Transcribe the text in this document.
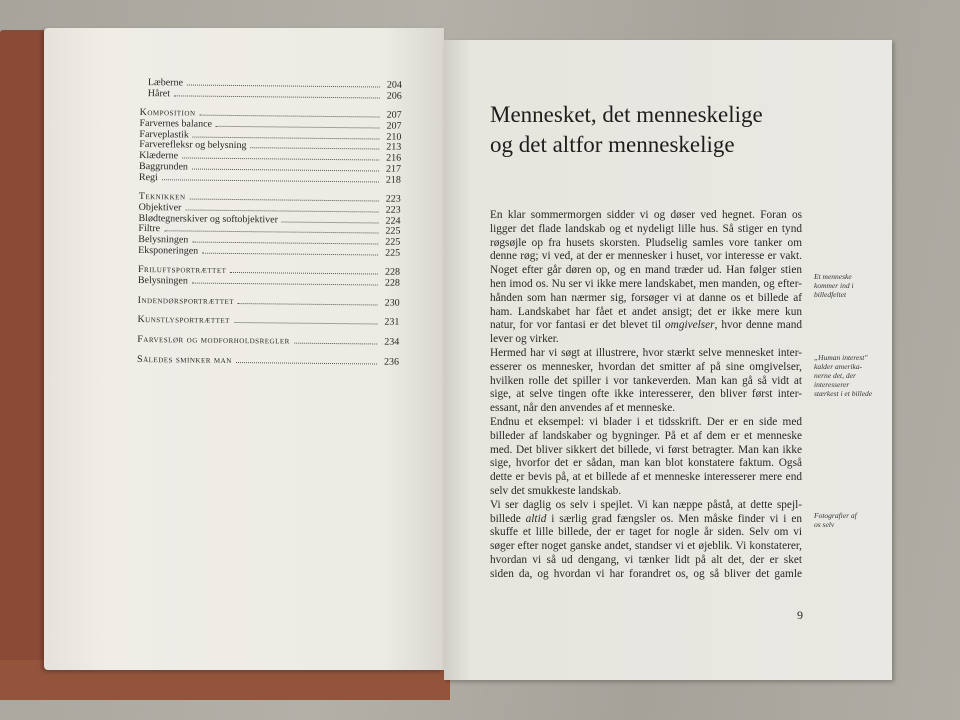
Læberne	204
Håret	206
Komposition	207
Farvernes balance	207
Farveplastik	210
Farverefleksr og belysning	213
Klæderne	216
Baggrunden	217
Regi	218
Teknikken	223
Objektiver	223
Blødtegnerskiver og softobjektiver	224
Filtre	225
Belysningen	225
Eksponeringen	225
Friluftsportrættet	228
Belysningen	228
Indendørsportrættet	230
Kunstlysportrættet	231
Farveslør og modforholdsregler	234
Således sminker man	236
Mennesket, det menneskelige
og det altfor menneskelige
En klar sommermorgen sidder vi og døser ved hegnet. Foran os
ligger det flade landskab og et nydeligt lille hus. Så stiger en tynd
røgsøjle op fra husets skorsten. Pludselig samles vore tanker om
denne røg; vi ved, at der er mennesker i huset, vor interesse er vakt.
Noget efter går døren op, og en mand træder ud. Han følger stien
hen imod os. Nu ser vi ikke mere landskabet, men manden, og efter-
hånden som han nærmer sig, forsøger vi at danne os et billede af
ham. Landskabet har fået et andet ansigt; det er ikke mere kun
natur, for vor fantasi er det blevet til omgivelser, hvor denne mand
lever og virker.
Hermed har vi søgt at illustrere, hvor stærkt selve mennesket inter-
esserer os mennesker, hvordan det smitter af på sine omgivelser,
hvilken rolle det spiller i vor tankeverden. Man kan gå så vidt at
sige, at selve tingen ofte ikke interesserer, den bliver først inter-
essant, når den anvendes af et menneske.
Endnu et eksempel: vi blader i et tidsskrift. Der er en side med
billeder af landskaber og bygninger. På et af dem er et menneske
med. Det bliver sikkert det billede, vi først betragter. Man kan ikke
sige, hvorfor det er sådan, man kan blot konstatere faktum. Også
dette er bevis på, at et billede af et menneske interesserer mere end
selv det smukkeste landskab.
Vi ser daglig os selv i spejlet. Vi kan næppe påstå, at dette spejl-
billede altid i særlig grad fængsler os. Men måske finder vi i en
skuffe et lille billede, der er taget for nogle år siden. Selv om vi
søger efter noget ganske andet, standser vi et øjeblik. Vi konstaterer,
hvordan vi så ud dengang, vi tænker lidt på alt det, der er sket
siden da, og hvordan vi har forandret os, og så bliver det gamle
Et menneske
kommer ind i
billedfeltet
„Human interest"
kalder amerika-
nerne det, der
interesserer
stærkest i et billede
Fotografier af
os selv
9
